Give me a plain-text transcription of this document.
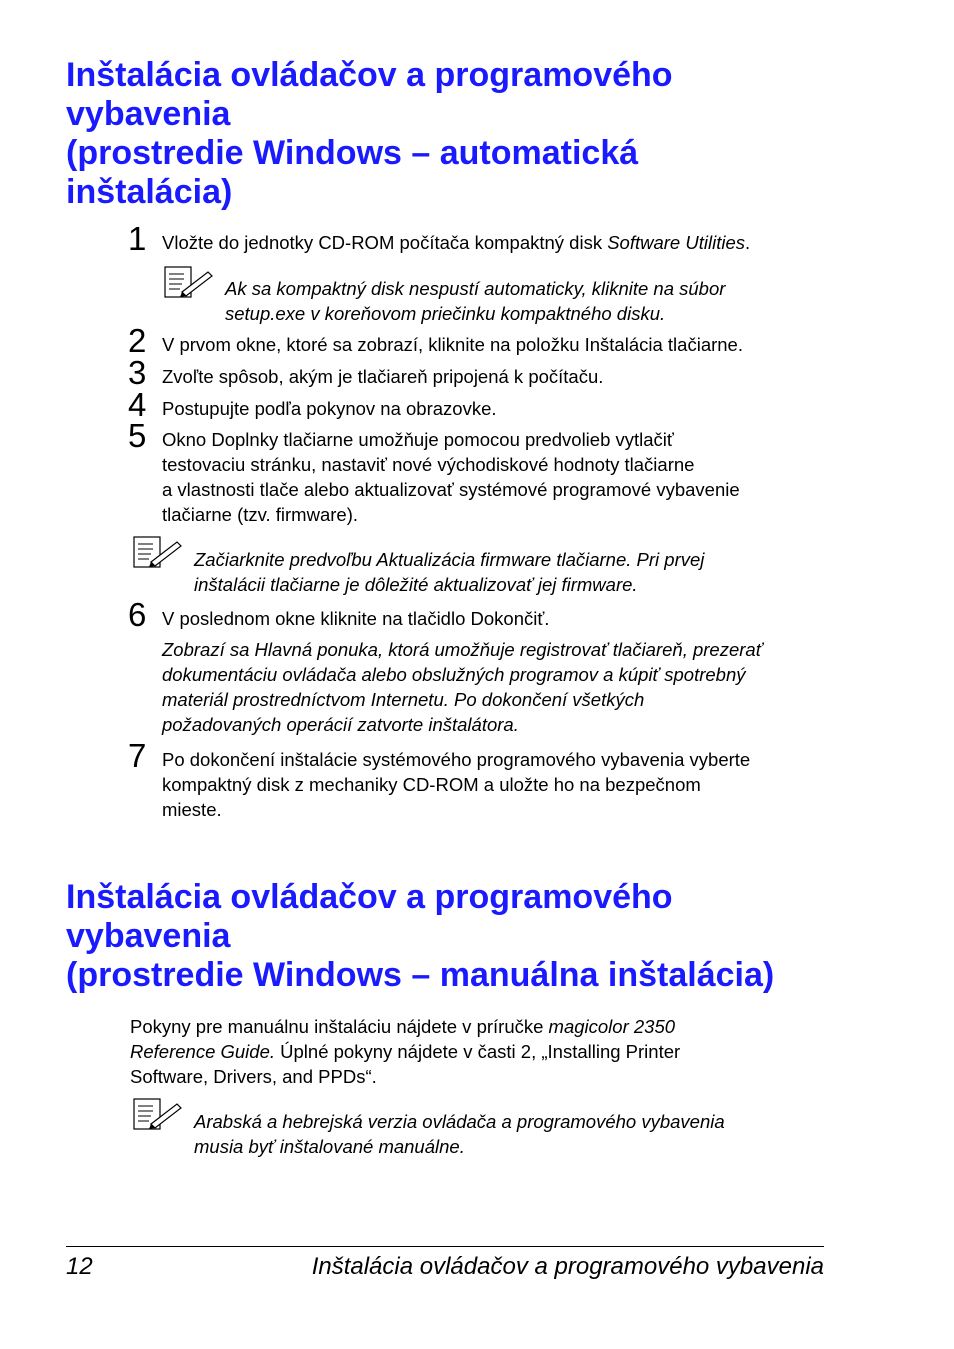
Inštalácia ovládačov a programového
vybavenia
(prostredie Windows – automatická
inštalácia)
1 Vložte do jednotky CD-ROM počítača kompaktný disk Software Utilities.
Ak sa kompaktný disk nespustí automaticky, kliknite na súbor
setup.exe v koreňovom priečinku kompaktného disku.
2 V prvom okne, ktoré sa zobrazí, kliknite na položku Inštalácia tlačiarne.
3 Zvoľte spôsob, akým je tlačiareň pripojená k počítaču.
4 Postupujte podľa pokynov na obrazovke.
5 Okno Doplnky tlačiarne umožňuje pomocou predvolieb vytlačiť
testovaciu stránku, nastaviť nové východiskové hodnoty tlačiarne
a vlastnosti tlače alebo aktualizovať systémové programové vybavenie
tlačiarne (tzv. firmware).
Začiarknite predvoľbu Aktualizácia firmware tlačiarne. Pri prvej
inštalácii tlačiarne je dôležité aktualizovať jej firmware.
6 V poslednom okne kliknite na tlačidlo Dokončiť.
Zobrazí sa Hlavná ponuka, ktorá umožňuje registrovať tlačiareň, prezerať
dokumentáciu ovládača alebo obslužných programov a kúpiť spotrebný
materiál prostredníctvom Internetu. Po dokončení všetkých
požadovaných operácií zatvorte inštalátora.
7 Po dokončení inštalácie systémového programového vybavenia vyberte
kompaktný disk z mechaniky CD-ROM a uložte ho na bezpečnom
mieste.
Inštalácia ovládačov a programového
vybavenia
(prostredie Windows – manuálna inštalácia)
Pokyny pre manuálnu inštaláciu nájdete v príručke magicolor 2350
Reference Guide. Úplné pokyny nájdete v časti 2, „Installing Printer
Software, Drivers, and PPDs“.
Arabská a hebrejská verzia ovládača a programového vybavenia
musia byť inštalované manuálne.
12	Inštalácia ovládačov a programového vybavenia
